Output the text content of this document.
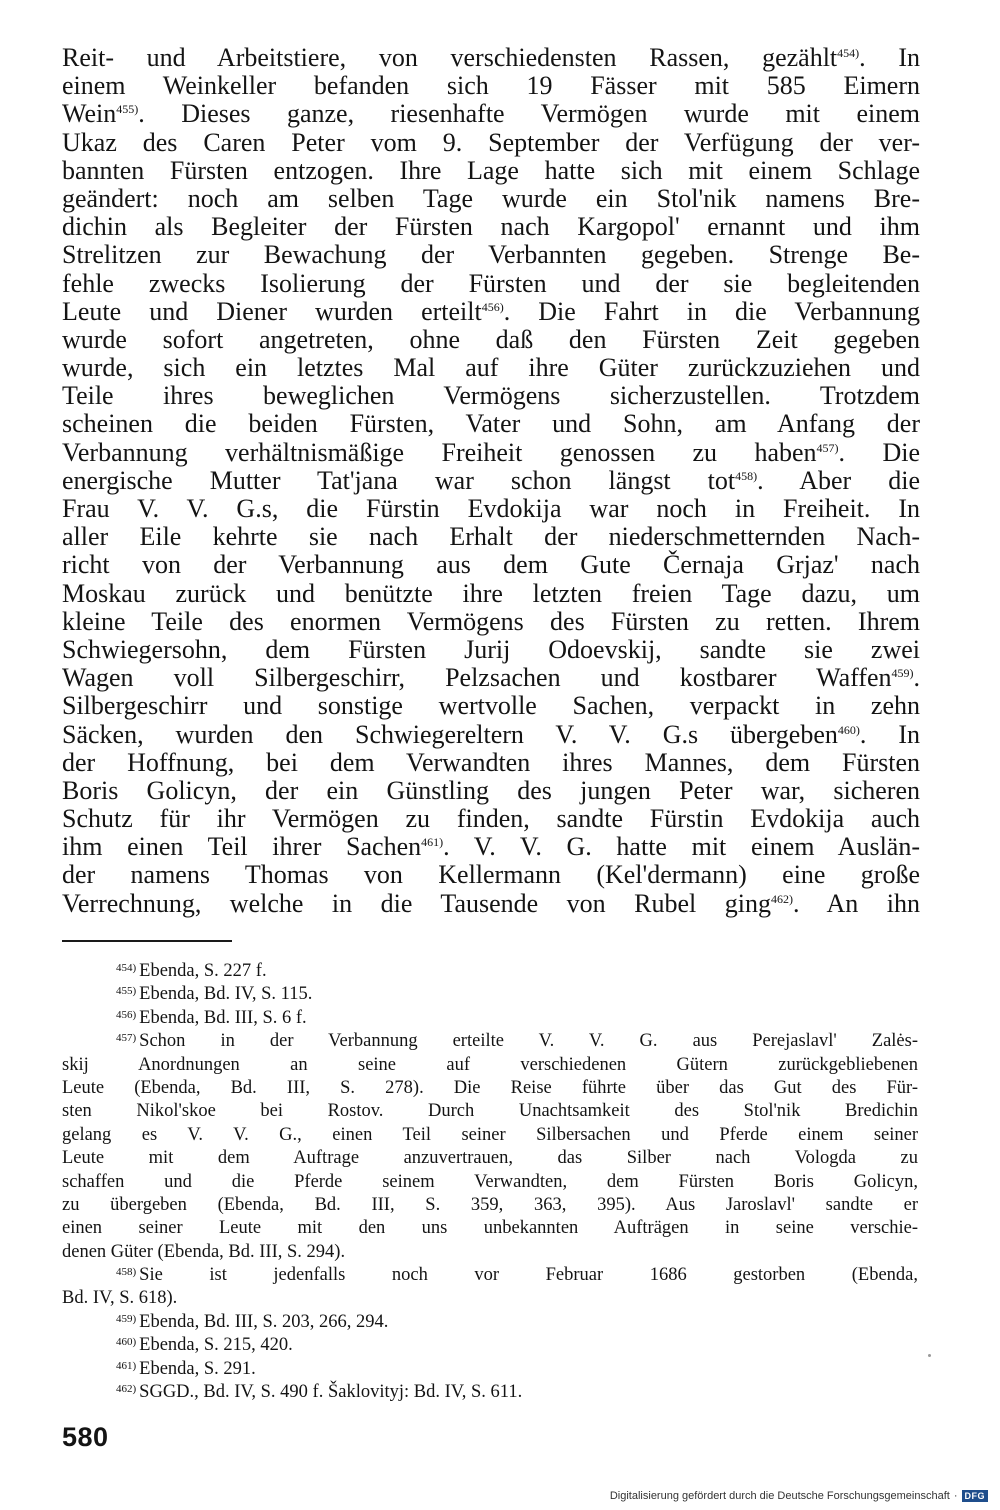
Reit- und Arbeitstiere, von verschiedensten Rassen, gezählt$^{454)}$. In
einem Weinkeller befanden sich 19 Fässer mit 585 Eimern
Wein$^{455)}$. Dieses ganze, riesenhafte Vermögen wurde mit einem
Ukaz des Caren Peter vom 9. September der Verfügung der ver-
bannten Fürsten entzogen. Ihre Lage hatte sich mit einem Schlage
geändert: noch am selben Tage wurde ein Stol'nik namens Bre-
dichin als Begleiter der Fürsten nach Kargopol' ernannt und ihm
Strelitzen zur Bewachung der Verbannten gegeben. Strenge Be-
fehle zwecks Isolierung der Fürsten und der sie begleitenden
Leute und Diener wurden erteilt$^{456)}$. Die Fahrt in die Verbannung
wurde sofort angetreten, ohne daß den Fürsten Zeit gegeben
wurde, sich ein letztes Mal auf ihre Güter zurückzuziehen und
Teile ihres beweglichen Vermögens sicherzustellen. Trotzdem
scheinen die beiden Fürsten, Vater und Sohn, am Anfang der
Verbannung verhältnismäßige Freiheit genossen zu haben$^{457)}$. Die
energische Mutter Tat'jana war schon längst tot$^{458)}$. Aber die
Frau V. V. G.s, die Fürstin Evdokija war noch in Freiheit. In
aller Eile kehrte sie nach Erhalt der niederschmetternden Nach-
richt von der Verbannung aus dem Gute Černaja Grjaz' nach
Moskau zurück und benützte ihre letzten freien Tage dazu, um
kleine Teile des enormen Vermögens des Fürsten zu retten. Ihrem
Schwiegersohn, dem Fürsten Jurij Odoevskij, sandte sie zwei
Wagen voll Silbergeschirr, Pelzsachen und kostbarer Waffen$^{459)}$.
Silbergeschirr und sonstige wertvolle Sachen, verpackt in zehn
Säcken, wurden den Schwiegereltern V. V. G.s übergeben$^{460)}$. In
der Hoffnung, bei dem Verwandten ihres Mannes, dem Fürsten
Boris Golicyn, der ein Günstling des jungen Peter war, sicheren
Schutz für ihr Vermögen zu finden, sandte Fürstin Evdokija auch
ihm einen Teil ihrer Sachen$^{461)}$. V. V. G. hatte mit einem Auslän-
der namens Thomas von Kellermann (Kel'dermann) eine große
Verrechnung, welche in die Tausende von Rubel ging$^{462)}$. An ihn
$^{454)}$ Ebenda, S. 227 f.
$^{455)}$ Ebenda, Bd. IV, S. 115.
$^{456)}$ Ebenda, Bd. III, S. 6 f.
$^{457)}$ Schon in der Verbannung erteilte V. V. G. aus Perejaslavl' Zalės-
skij Anordnungen an seine auf verschiedenen Gütern zurückgebliebenen
Leute (Ebenda, Bd. III, S. 278). Die Reise führte über das Gut des Für-
sten Nikol'skoe bei Rostov. Durch Unachtsamkeit des Stol'nik Bredichin
gelang es V. V. G., einen Teil seiner Silbersachen und Pferde einem seiner
Leute mit dem Auftrage anzuvertrauen, das Silber nach Vologda zu
schaffen und die Pferde seinem Verwandten, dem Fürsten Boris Golicyn,
zu übergeben (Ebenda, Bd. III, S. 359, 363, 395). Aus Jaroslavl' sandte er
einen seiner Leute mit den uns unbekannten Aufträgen in seine verschie-
denen Güter (Ebenda, Bd. III, S. 294).
$^{458)}$ Sie ist jedenfalls noch vor Februar 1686 gestorben (Ebenda,
Bd. IV, S. 618).
$^{459)}$ Ebenda, Bd. III, S. 203, 266, 294.
$^{460)}$ Ebenda, S. 215, 420.
$^{461)}$ Ebenda, S. 291.
$^{462)}$ SGGD., Bd. IV, S. 490 f. Šaklovityj: Bd. IV, S. 611.
580
Digitalisierung gefördert durch die Deutsche Forschungsgemeinschaft · DFG
